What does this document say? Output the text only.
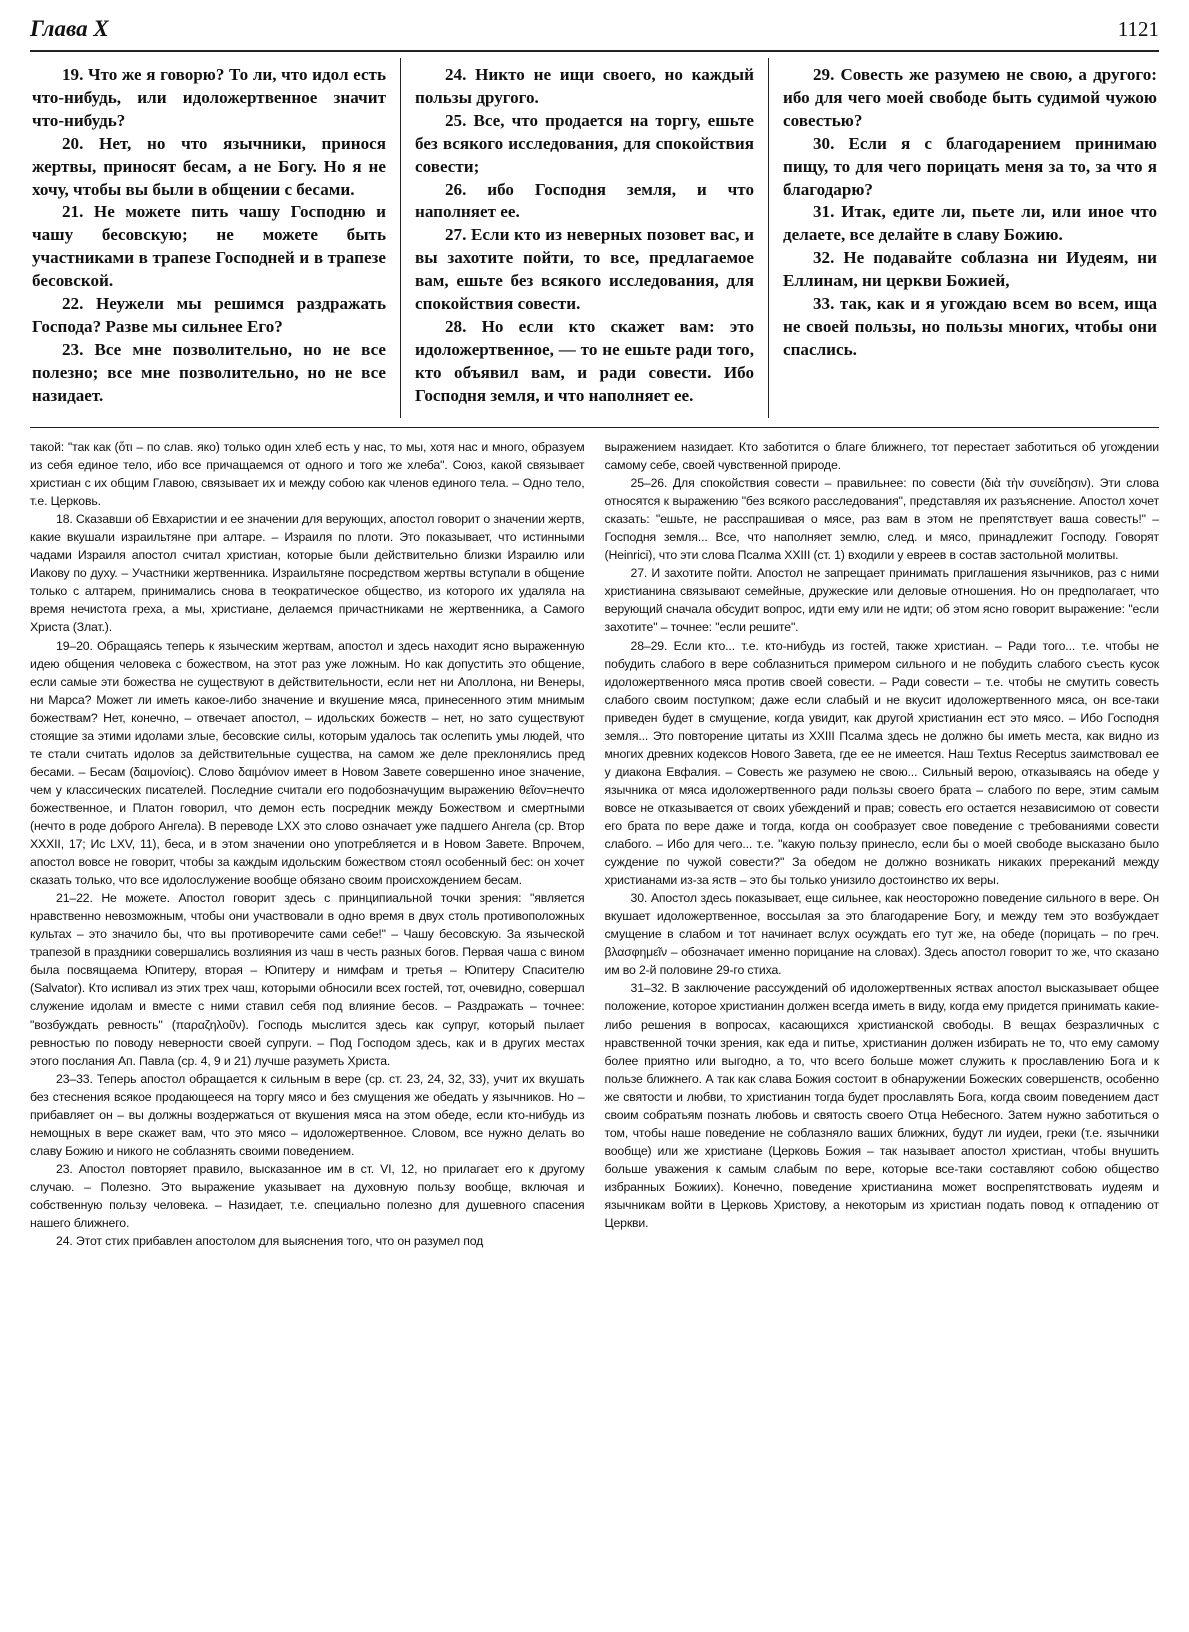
Глава X	1121

19. Что же я говорю? То ли, что идол есть что-нибудь, или идоложертвенное значит что-нибудь?

20. Нет, но что язычники, принося жертвы, приносят бесам, а не Богу. Но я не хочу, чтобы вы были в общении с бесами.

21. Не можете пить чашу Господню и чашу бесовскую; не можете быть участниками в трапезе Господней и в трапезе бесовской.

22. Неужели мы решимся раздражать Господа? Разве мы сильнее Его?

23. Все мне позволительно, но не все полезно; все мне позволительно, но не все назидает.

24. Никто не ищи своего, но каждый пользы другого.

25. Все, что продается на торгу, ешьте без всякого исследования, для спокойствия совести;

26. ибо Господня земля, и что наполняет ее.

27. Если кто из неверных позовет вас, и вы захотите пойти, то все, предлагаемое вам, ешьте без всякого исследования, для спокойствия совести.

28. Но если кто скажет вам: это идоложертвенное, — то не ешьте ради того, кто объявил вам, и ради совести. Ибо Господня земля, и что наполняет ее.

29. Совесть же разумею не свою, а другого: ибо для чего моей свободе быть судимой чужою совестью?

30. Если я с благодарением принимаю пищу, то для чего порицать меня за то, за что я благодарю?

31. Итак, едите ли, пьете ли, или иное что делаете, все делайте в славу Божию.

32. Не подавайте соблазна ни Иудеям, ни Еллинам, ни церкви Божией,

33. так, как и я угождаю всем во всем, ища не своей пользы, но пользы многих, чтобы они спаслись.

такой: "так как (ὅτι – по слав. яко) только один хлеб есть у нас, то мы, хотя нас и много, образуем из себя единое тело, ибо все причащаемся от одного и того же хлеба". Союз, какой связывает христиан с их общим Главою, связывает их и между собою как членов единого тела. – Одно тело, т.е. Церковь.

18. Сказавши об Евхаристии и ее значении для верующих, апостол говорит о значении жертв, какие вкушали израильтяне при алтаре. – Израиля по плоти. Это показывает, что истинными чадами Израиля апостол считал христиан, которые были действительно близки Израилю или Иакову по духу. – Участники жертвенника. Израильтяне посредством жертвы вступали в общение только с алтарем, принимались снова в теократическое общество, из которого их удаляла на время нечистота греха, а мы, христиане, делаемся причастниками не жертвенника, а Самого Христа (Злат.).

19–20. Обращаясь теперь к языческим жертвам, апостол и здесь находит ясно выраженную идею общения человека с божеством, на этот раз уже ложным. Но как допустить это общение, если самые эти божества не существуют в действительности, если нет ни Аполлона, ни Венеры, ни Марса? Может ли иметь какое-либо значение и вкушение мяса, принесенного этим мнимым божествам? Нет, конечно, – отвечает апостол, – идольских божеств – нет, но зато существуют стоящие за этими идолами злые, бесовские силы, которым удалось так ослепить умы людей, что те стали считать идолов за действительные существа, на самом же деле преклонялись пред бесами. – Бесам (δαιμονίοις). Слово δαιμόνιον имеет в Новом Завете совершенно иное значение, чем у классических писателей. Последние считали его подобозначущим выражению θεῖον=нечто божественное, и Платон говорил, что демон есть посредник между Божеством и смертными (нечто в роде доброго Ангела). В переводе LXX это слово означает уже падшего Ангела (ср. Втор XXXII, 17; Ис LXV, 11), беса, и в этом значении оно употребляется и в Новом Завете. Впрочем, апостол вовсе не говорит, чтобы за каждым идольским божеством стоял особенный бес: он хочет сказать только, что все идолослужение вообще обязано своим происхождением бесам.

21–22. Не можете. Апостол говорит здесь с принципиальной точки зрения: "является нравственно невозможным, чтобы они участвовали в одно время в двух столь противоположных культах – это значило бы, что вы противоречите сами себе!" – Чашу бесовскую. За языческой трапезой в праздники совершались возлияния из чаш в честь разных богов. Первая чаша с вином была посвящаема Юпитеру, вторая – Юпитеру и нимфам и третья – Юпитеру Спасителю (Salvator). Кто испивал из этих трех чаш, которыми обносили всех гостей, тот, очевидно, совершал служение идолам и вместе с ними ставил себя под влияние бесов. – Раздражать – точнее: "возбуждать ревность" (παραζηλοῦν). Господь мыслится здесь как супруг, который пылает ревностью по поводу неверности своей супруги. – Под Господом здесь, как и в других местах этого послания Ап. Павла (ср. 4, 9 и 21) лучше разуметь Христа.

23–33. Теперь апостол обращается к сильным в вере (ср. ст. 23, 24, 32, 33), учит их вкушать без стеснения всякое продающееся на торгу мясо и без смущения же обедать у язычников. Но – прибавляет он – вы должны воздержаться от вкушения мяса на этом обеде, если кто-нибудь из немощных в вере скажет вам, что это мясо – идоложертвенное. Словом, все нужно делать во славу Божию и никого не соблазнять своими поведением.

23. Апостол повторяет правило, высказанное им в ст. VI, 12, но прилагает его к другому случаю. – Полезно. Это выражение указывает на духовную пользу вообще, включая и собственную пользу человека. – Назидает, т.е. специально полезно для душевного спасения нашего ближнего.

24. Этот стих прибавлен апостолом для выяснения того, что он разумел под

выражением назидает. Кто заботится о благе ближнего, тот перестает заботиться об угождении самому себе, своей чувственной природе.

25–26. Для спокойствия совести – правильнее: по совести (διὰ τὴν συνείδησιν). Эти слова относятся к выражению "без всякого расследования", представляя их разъяснение. Апостол хочет сказать: "ешьте, не расспрашивая о мясе, раз вам в этом не препятствует ваша совесть!" – Господня земля... Все, что наполняет землю, след. и мясо, принадлежит Господу. Говорят (Heinrici), что эти слова Псалма XXIII (ст. 1) входили у евреев в состав застольной молитвы.

27. И захотите пойти. Апостол не запрещает принимать приглашения язычников, раз с ними христианина связывают семейные, дружеские или деловые отношения. Но он предполагает, что верующий сначала обсудит вопрос, идти ему или не идти; об этом ясно говорит выражение: "если захотите" – точнее: "если решите".

28–29. Если кто... т.е. кто-нибудь из гостей, также христиан. – Ради того... т.е. чтобы не побудить слабого в вере соблазниться примером сильного и не побудить слабого съесть кусок идоложертвенного мяса против своей совести. – Ради совести – т.е. чтобы не смутить совесть слабого своим поступком; даже если слабый и не вкусит идоложертвенного мяса, он все-таки приведен будет в смущение, когда увидит, как другой христианин ест это мясо. – Ибо Господня земля... Это повторение цитаты из XXIII Псалма здесь не должно бы иметь места, как видно из многих древних кодексов Нового Завета, где ее не имеется. Наш Textus Receptus заимствовал ее у диакона Евфалия. – Совесть же разумею не свою... Сильный верою, отказываясь на обеде у язычника от мяса идоложертвенного ради пользы своего брата – слабого по вере, этим самым вовсе не отказывается от своих убеждений и прав; совесть его остается независимою от совести его брата по вере даже и тогда, когда он сообразует свое поведение с требованиями совести слабого. – Ибо для чего... т.е. "какую пользу принесло, если бы о моей свободе высказано было суждение по чужой совести?" За обедом не должно возникать никаких пререканий между христианами из-за яств – это бы только унизило достоинство их веры.

30. Апостол здесь показывает, еще сильнее, как неосторожно поведение сильного в вере. Он вкушает идоложертвенное, воссылая за это благодарение Богу, и между тем это возбуждает смущение в слабом и тот начинает вслух осуждать его тут же, на обеде (порицать – по греч. βλασφημεῖν – обозначает именно порицание на словах). Здесь апостол говорит то же, что сказано им во 2-й половине 29-го стиха.

31–32. В заключение рассуждений об идоложертвенных яствах апостол высказывает общее положение, которое христианин должен всегда иметь в виду, когда ему придется принимать какие-либо решения в вопросах, касающихся христианской свободы. В вещах безразличных с нравственной точки зрения, как еда и питье, христианин должен избирать не то, что ему самому более приятно или выгодно, а то, что всего больше может служить к прославлению Бога и к пользе ближнего. А так как слава Божия состоит в обнаружении Божеских совершенств, особенно же святости и любви, то христианин тогда будет прославлять Бога, когда своим поведением даст своим собратьям познать любовь и святость своего Отца Небесного. Затем нужно заботиться о том, чтобы наше поведение не соблазняло ваших ближних, будут ли иудеи, греки (т.е. язычники вообще) или же христиане (Церковь Божия – так называет апостол христиан, чтобы внушить больше уважения к самым слабым по вере, которые все-таки составляют собою общество избранных Божиих). Конечно, поведение христианина может воспрепятствовать иудеям и язычникам войти в Церковь Христову, а некоторым из христиан подать повод к отпадению от Церкви.
